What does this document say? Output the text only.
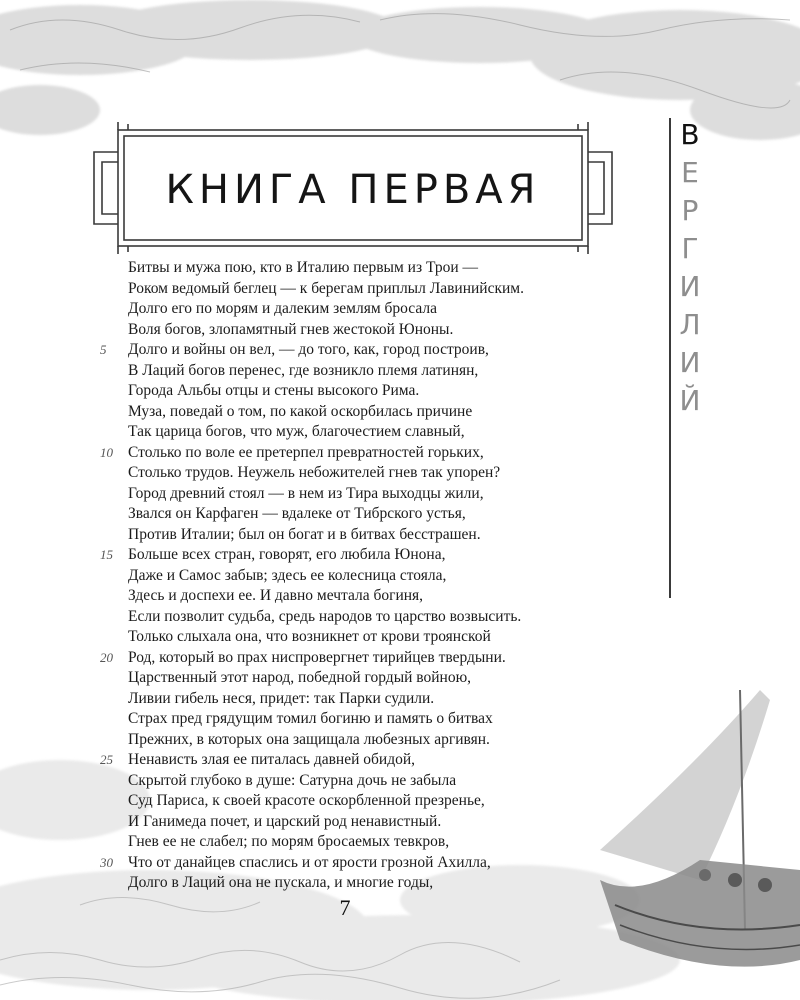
КНИГА ПЕРВАЯ
В
Е
Р
Г
И
Л
И
Й
Битвы и мужа пою, кто в Италию первым из Трои —
Роком ведомый беглец — к берегам приплыл Лавинийским.
Долго его по морям и далеким землям бросала
Воля богов, злопамятный гнев жестокой Юноны.
5	Долго и войны он вел, — до того, как, город построив,
В Лаций богов перенес, где возникло племя латинян,
Города Альбы отцы и стены высокого Рима.
Муза, поведай о том, по какой оскорбилась причине
Так царица богов, что муж, благочестием славный,
10 Столько по воле ее претерпел превратностей горьких,
Столько трудов. Неужель небожителей гнев так упорен?
Город древний стоял — в нем из Тира выходцы жили,
Звался он Карфаген — вдалеке от Тибрского устья,
Против Италии; был он богат и в битвах бесстрашен.
15 Больше всех стран, говорят, его любила Юнона,
Даже и Самос забыв; здесь ее колесница стояла,
Здесь и доспехи ее. И давно мечтала богиня,
Если позволит судьба, средь народов то царство возвысить.
Только слыхала она, что возникнет от крови троянской
20 Род, который во прах ниспровергнет тирийцев твердыни.
Царственный этот народ, победной гордый войною,
Ливии гибель неся, придет: так Парки судили.
Страх пред грядущим томил богиню и память о битвах
Прежних, в которых она защищала любезных аргивян.
25 Ненависть злая ее питалась давней обидой,
Скрытой глубоко в душе: Сатурна дочь не забыла
Суд Париса, к своей красоте оскорбленной презренье,
И Ганимеда почет, и царский род ненавистный.
Гнев ее не слабел; по морям бросаемых тевкров,
30 Что от данайцев спаслись и от ярости грозной Ахилла,
Долго в Лаций она не пускала, и многие годы,
7
